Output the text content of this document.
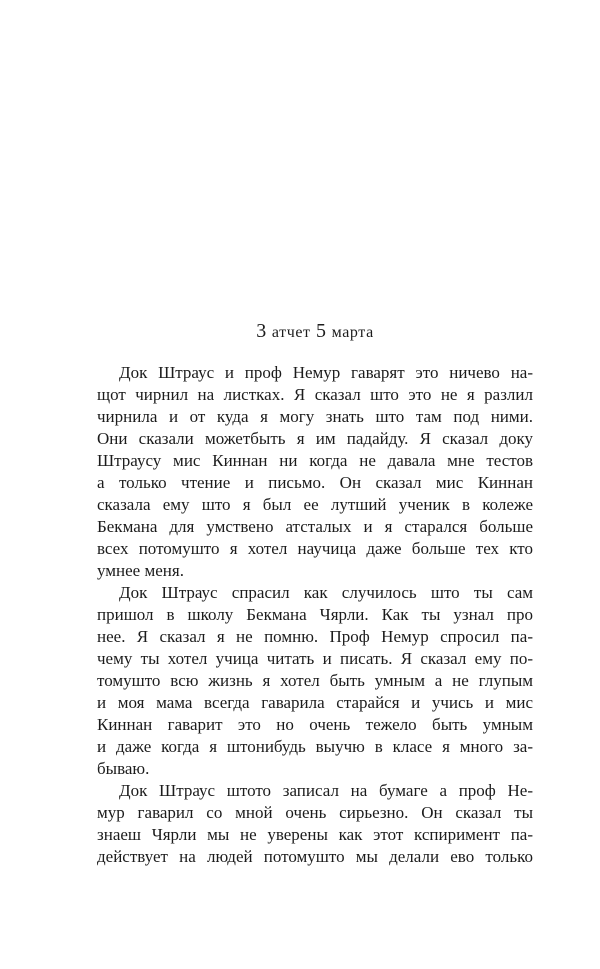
3 атчет 5 марта
Док Штраус и проф Немур гаварят это ничево на-
щот чирнил на листках. Я сказал што это не я разлил
чирнила и от куда я могу знать што там под ними.
Они сказали можетбыть я им падайду. Я сказал доку
Штраусу мис Киннан ни когда не давала мне тестов
а только чтение и письмо. Он сказал мис Киннан
сказала ему што я был ее лутший ученик в колеже
Бекмана для умствено атсталых и я старался больше
всех потомушто я хотел научица даже больше тех кто
умнее меня.
Док Штраус спрасил как случилось што ты сам
пришол в школу Бекмана Чярли. Как ты узнал про
нее. Я сказал я не помню. Проф Немур спросил па-
чему ты хотел учица читать и писать. Я сказал ему по-
томушто всю жизнь я хотел быть умным а не глупым
и моя мама всегда гаварила старайся и учись и мис
Киннан гаварит это но очень тежело быть умным
и даже когда я штонибудь выучю в класе я много за-
бываю.
Док Штраус штото записал на бумаге а проф Не-
мур гаварил со мной очень сирьезно. Он сказал ты
знаеш Чярли мы не уверены как этот кспиримент па-
действует на людей потомушто мы делали ево только
